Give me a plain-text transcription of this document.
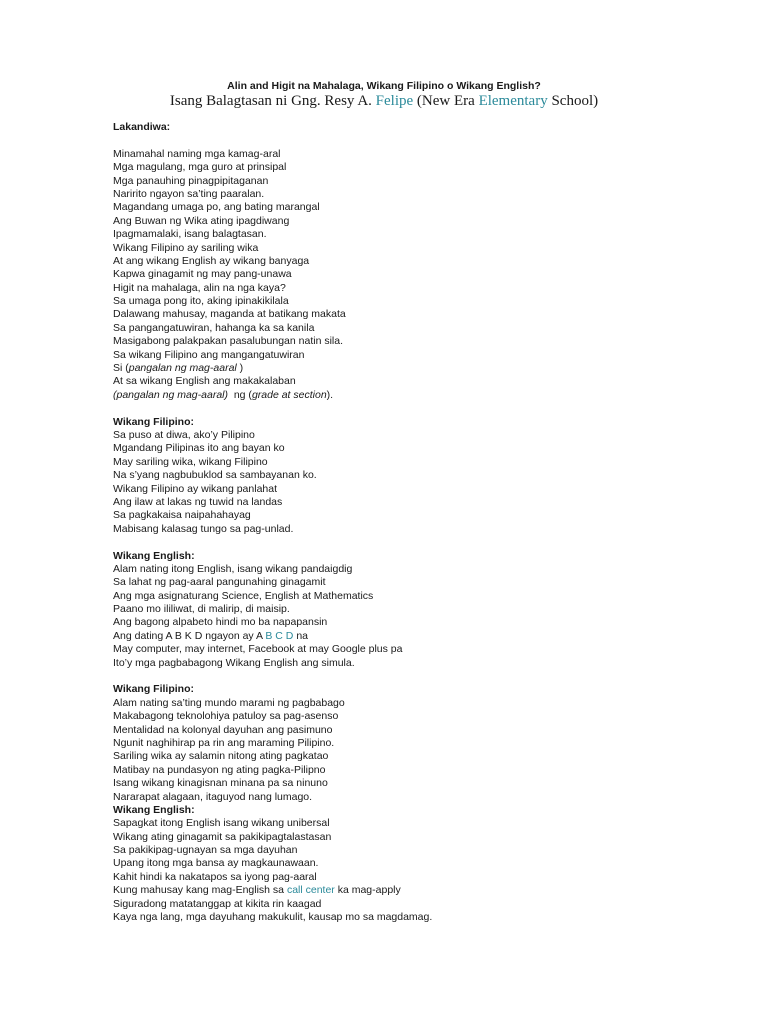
Alin and Higit na Mahalaga, Wikang Filipino o Wikang English?
Isang Balagtasan ni Gng. Resy A. Felipe (New Era Elementary School)
Lakandiwa:
Minamahal naming mga kamag-aral
Mga magulang, mga guro at prinsipal
Mga panauhing pinagpipitaganan
Naririto ngayon sa’ting paaralan.
Magandang umaga po, ang bating marangal
Ang Buwan ng Wika ating ipagdiwang
Ipagmamalaki, isang balagtasan.
Wikang Filipino ay sariling wika
At ang wikang English ay wikang banyaga
Kapwa ginagamit ng may pang-unawa
Higit na mahalaga, alin na nga kaya?
Sa umaga pong ito, aking ipinakikilala
Dalawang mahusay, maganda at batikang makata
Sa pangangatuwiran, hahanga ka sa kanila
Masigabong palakpakan pasalubungan natin sila.
Sa wikang Filipino ang mangangatuwiran
Si (pangalan ng mag-aaral )
At sa wikang English ang makakalaban
(pangalan ng mag-aaral)  ng (grade at section).
Wikang Filipino:
Sa puso at diwa, ako’y Pilipino
Mgandang Pilipinas ito ang bayan ko
May sariling wika, wikang Filipino
Na s’yang nagbubuklod sa sambayanan ko.
Wikang Filipino ay wikang panlahat
Ang ilaw at lakas ng tuwid na landas
Sa pagkakaisa naipahahayag
Mabisang kalasag tungo sa pag-unlad.
Wikang English:
Alam nating itong English, isang wikang pandaigdig
Sa lahat ng pag-aaral pangunahing ginagamit
Ang mga asignaturang Science, English at Mathematics
Paano mo ililiwat, di malirip, di maisip.
Ang bagong alpabeto hindi mo ba napapansin
Ang dating A B K D ngayon ay A B C D na
May computer, may internet, Facebook at may Google plus pa
Ito’y mga pagbabagong Wikang English ang simula.
Wikang Filipino:
Alam nating sa’ting mundo marami ng pagbabago
Makabagong teknolohiya patuloy sa pag-asenso
Mentalidad na kolonyal dayuhan ang pasimuno
Ngunit naghihirap pa rin ang maraming Pilipino.
Sariling wika ay salamin nitong ating pagkatao
Matibay na pundasyon ng ating pagka-Pilipno
Isang wikang kinagisnan minana pa sa ninuno
Nararapat alagaan, itaguyod nang lumago.
Wikang English:
Sapagkat itong English isang wikang unibersal
Wikang ating ginagamit sa pakikipagtalastasan
Sa pakikipag-ugnayan sa mga dayuhan
Upang itong mga bansa ay magkaunawaan.
Kahit hindi ka nakatapos sa iyong pag-aaral
Kung mahusay kang mag-English sa call center ka mag-apply
Siguradong matatanggap at kikita rin kaagad
Kaya nga lang, mga dayuhang makukulit, kausap mo sa magdamag.
